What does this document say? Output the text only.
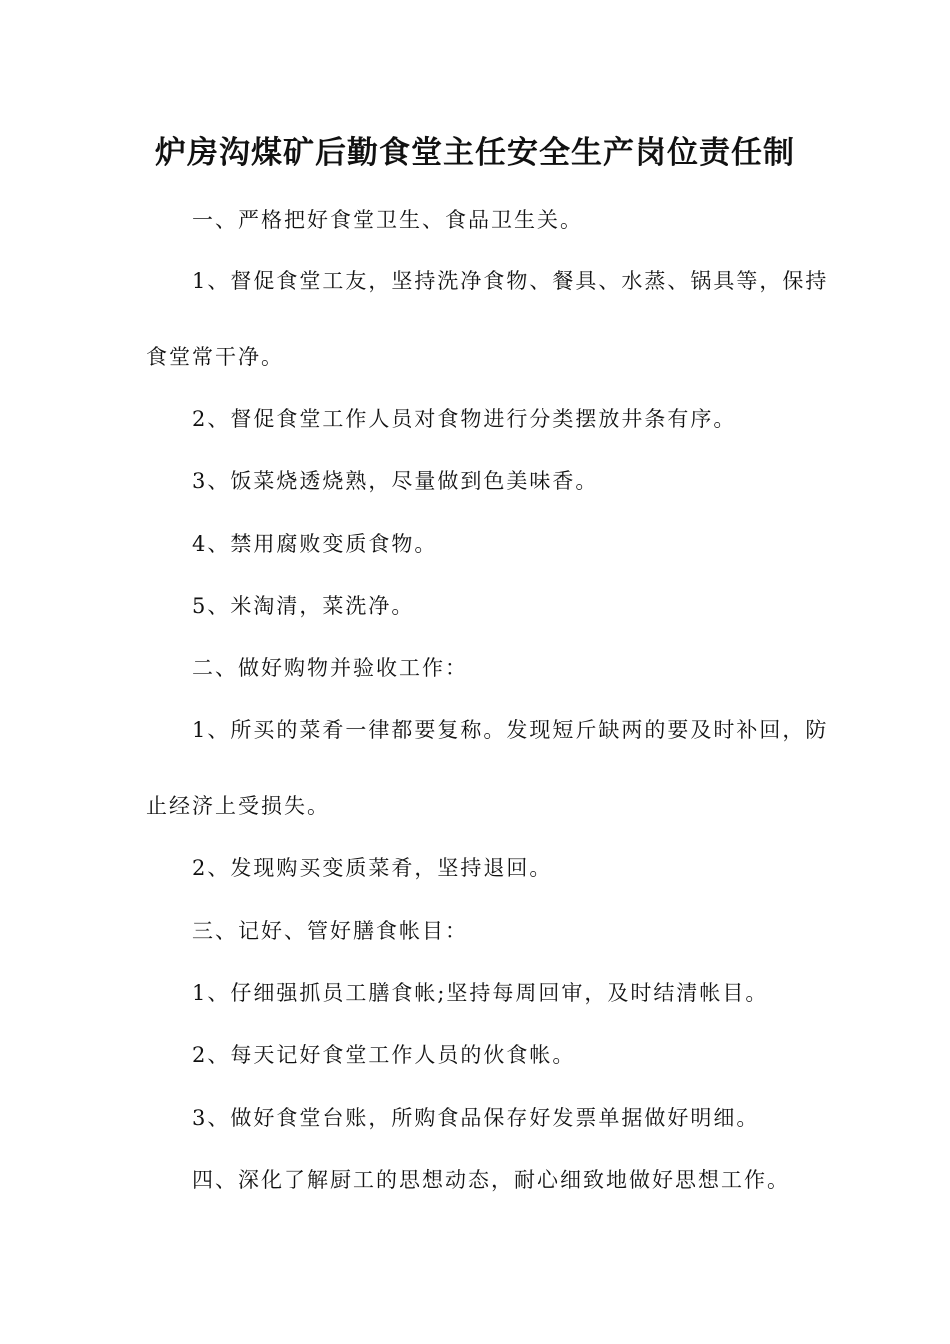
炉房沟煤矿后勤食堂主任安全生产岗位责任制
一、严格把好食堂卫生、食品卫生关。
1、督促食堂工友，坚持洗净食物、餐具、水蒸、锅具等，保持
食堂常干净。
2、督促食堂工作人员对食物进行分类摆放井条有序。
3、饭菜烧透烧熟，尽量做到色美味香。
4、禁用腐败变质食物。
5、米淘清，菜洗净。
二、做好购物并验收工作：
1、所买的菜肴一律都要复称。发现短斤缺两的要及时补回，防
止经济上受损失。
2、发现购买变质菜肴，坚持退回。
三、记好、管好膳食帐目：
1、仔细强抓员工膳食帐;坚持每周回审，及时结清帐目。
2、每天记好食堂工作人员的伙食帐。
3、做好食堂台账，所购食品保存好发票单据做好明细。
四、深化了解厨工的思想动态，耐心细致地做好思想工作。
